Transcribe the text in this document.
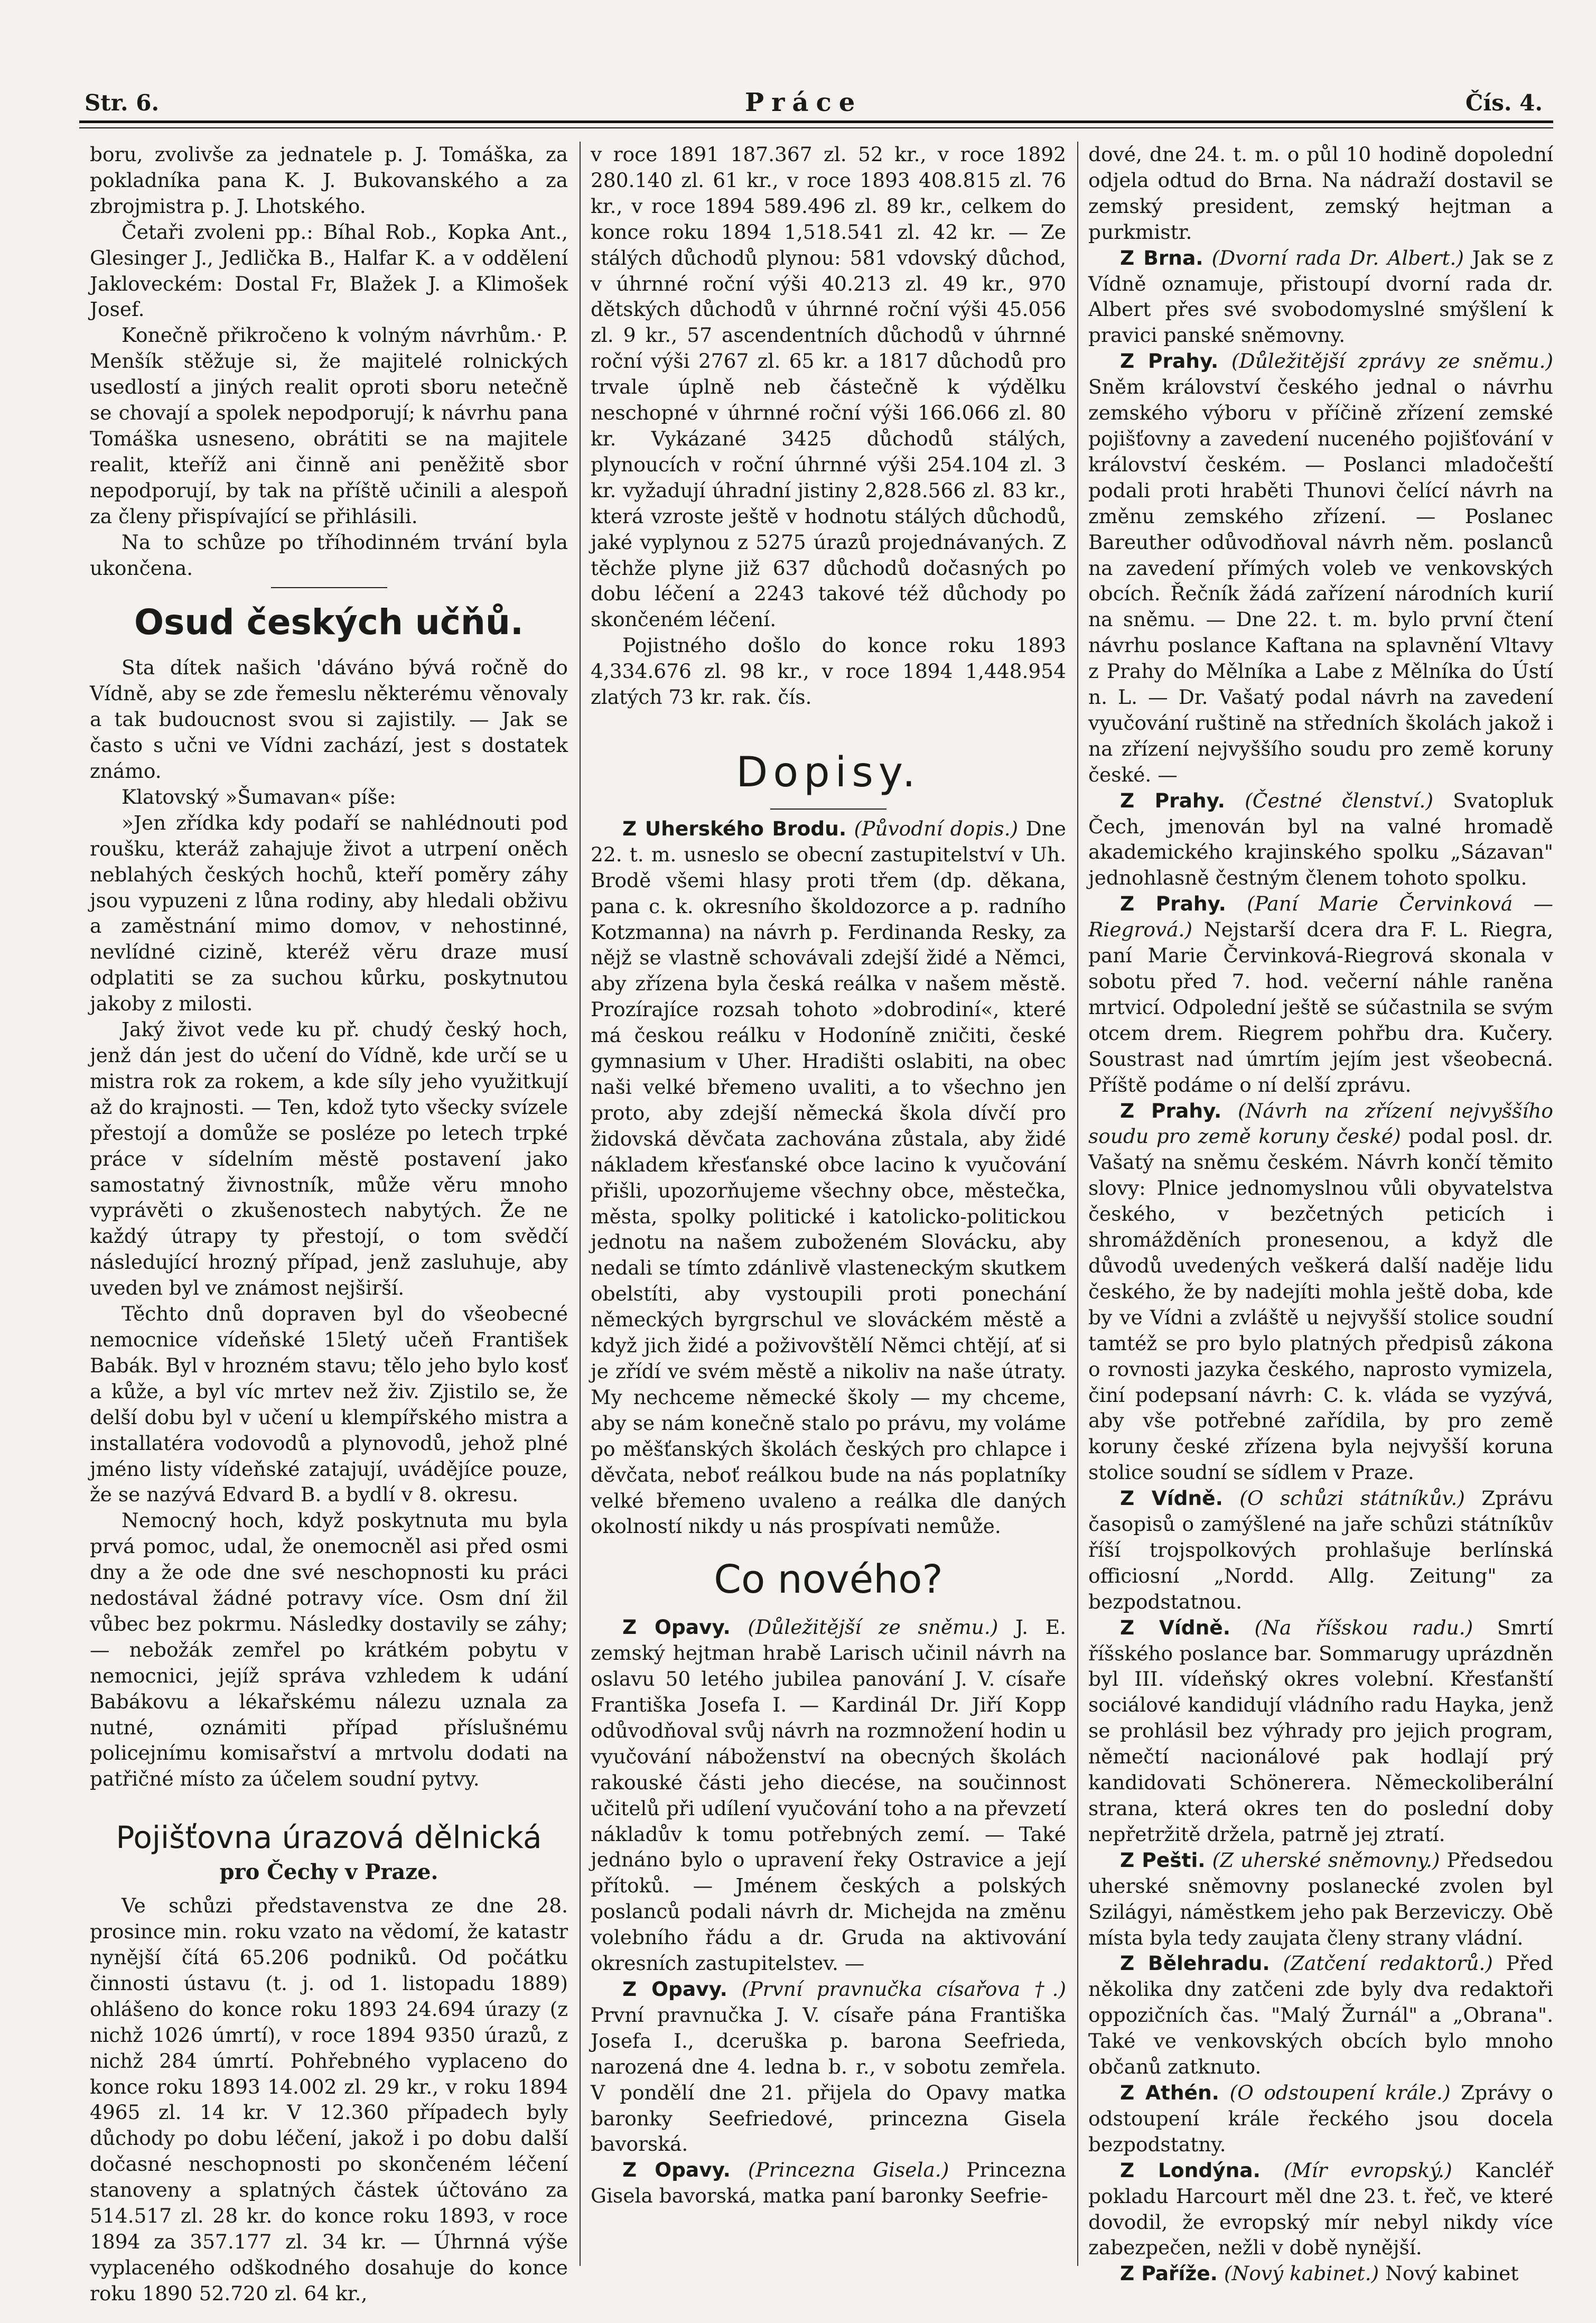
Str. 6.	Práce	Čís. 4.

boru, zvolivše za jednatele p. J. Tomáška, za pokladníka pana K. J. Bukovanského a za zbrojmistra p. J. Lhotského.

Četaři zvoleni pp.: Bíhal Rob., Kopka Ant., Glesinger J., Jedlička B., Halfar K. a v oddělení Jakloveckém: Dostal Fr, Blažek J. a Klimošek Josef.

Konečně přikročeno k volným návrhům.· P. Menšík stěžuje si, že majitelé rolnických usedlostí a jiných realit oproti sboru netečně se chovají a spolek nepodporují; k návrhu pana Tomáška usneseno, obrátiti se na majitele realit, kteříž ani činně ani peněžitě sbor nepodporují, by tak na příště učinili a alespoň za členy přispívající se přihlásili.

Na to schůze po tříhodinném trvání byla ukončena.

Osud českých učňů.

Sta dítek našich 'dáváno bývá ročně do Vídně, aby se zde řemeslu některému věnovaly a tak budoucnost svou si zajistily. — Jak se často s učni ve Vídni zachází, jest s dostatek známo.

Klatovský »Šumavan« píše:

»Jen zřídka kdy podaří se nahlédnouti pod roušku, kteráž zahajuje život a utrpení oněch neblahých českých hochů, kteří poměry záhy jsou vypuzeni z lůna rodiny, aby hledali obživu a zaměstnání mimo domov, v nehostinné, nevlídné cizině, kteréž věru draze musí odplatiti se za suchou kůrku, poskytnutou jakoby z milosti.

Jaký život vede ku př. chudý český hoch, jenž dán jest do učení do Vídně, kde určí se u mistra rok za rokem, a kde síly jeho využitkují až do krajnosti. — Ten, kdož tyto všecky svízele přestojí a domůže se posléze po letech trpké práce v sídelním městě postavení jako samostatný živnostník, může věru mnoho vyprávěti o zkušenostech nabytých. Že ne každý útrapy ty přestojí, o tom svědčí následující hrozný případ, jenž zasluhuje, aby uveden byl ve známost nejširší.

Těchto dnů dopraven byl do všeobecné nemocnice vídeňské 15letý učeň František Babák. Byl v hrozném stavu; tělo jeho bylo kosť a kůže, a byl víc mrtev než živ. Zjistilo se, že delší dobu byl v učení u klempířského mistra a installatéra vodovodů a plynovodů, jehož plné jméno listy vídeňské zatajují, uvádějíce pouze, že se nazývá Edvard B. a bydlí v 8. okresu.

Nemocný hoch, když poskytnuta mu byla prvá pomoc, udal, že onemocněl asi před osmi dny a že ode dne své neschopnosti ku práci nedostával žádné potravy více. Osm dní žil vůbec bez pokrmu. Následky dostavily se záhy; — nebožák zemřel po krátkém pobytu v nemocnici, jejíž správa vzhledem k udání Babákovu a lékařskému nálezu uznala za nutné, oznámiti případ příslušnému policejnímu komisařství a mrtvolu dodati na patřičné místo za účelem soudní pytvy.

Pojišťovna úrazová dělnická
pro Čechy v Praze.

Ve schůzi představenstva ze dne 28. prosince min. roku vzato na vědomí, že katastr nynější čítá 65.206 podniků. Od počátku činnosti ústavu (t. j. od 1. listopadu 1889) ohlášeno do konce roku 1893 24.694 úrazy (z nichž 1026 úmrtí), v roce 1894 9350 úrazů, z nichž 284 úmrtí. Pohřebného vyplaceno do konce roku 1893 14.002 zl. 29 kr., v roku 1894 4965 zl. 14 kr. V 12.360 případech byly důchody po dobu léčení, jakož i po dobu další dočasné neschopnosti po skončeném léčení stanoveny a splatných částek účtováno za 514.517 zl. 28 kr. do konce roku 1893, v roce 1894 za 357.177 zl. 34 kr. — Úhrnná výše vyplaceného odškodného dosahuje do konce roku 1890 52.720 zl. 64 kr.,

v roce 1891 187.367 zl. 52 kr., v roce 1892 280.140 zl. 61 kr., v roce 1893 408.815 zl. 76 kr., v roce 1894 589.496 zl. 89 kr., celkem do konce roku 1894 1,518.541 zl. 42 kr. — Ze stálých důchodů plynou: 581 vdovský důchod, v úhrnné roční výši 40.213 zl. 49 kr., 970 dětských důchodů v úhrnné roční výši 45.056 zl. 9 kr., 57 ascendentních důchodů v úhrnné roční výši 2767 zl. 65 kr. a 1817 důchodů pro trvale úplně neb částečně k výdělku neschopné v úhrnné roční výši 166.066 zl. 80 kr. Vykázané 3425 důchodů stálých, plynoucích v roční úhrnné výši 254.104 zl. 3 kr. vyžadují úhradní jistiny 2,828.566 zl. 83 kr., která vzroste ještě v hodnotu stálých důchodů, jaké vyplynou z 5275 úrazů projednávaných. Z těchže plyne již 637 důchodů dočasných po dobu léčení a 2243 takové též důchody po skončeném léčení.

Pojistného došlo do konce roku 1893 4,334.676 zl. 98 kr., v roce 1894 1,448.954 zlatých 73 kr. rak. čís.

Dopisy.

Z Uherského Brodu. (Původní dopis.) Dne 22. t. m. usneslo se obecní zastupitelství v Uh. Brodě všemi hlasy proti třem (dp. děkana, pana c. k. okresního školdozorce a p. radního Kotzmanna) na návrh p. Ferdinanda Resky, za nějž se vlastně schovávali zdejší židé a Němci, aby zřízena byla česká reálka v našem městě. Prozírajíce rozsah tohoto »dobrodiní«, které má českou reálku v Hodoníně zničiti, české gymnasium v Uher. Hradišti oslabiti, na obec naši velké břemeno uvaliti, a to všechno jen proto, aby zdejší německá škola dívčí pro židovská děvčata zachována zůstala, aby židé nákladem křesťanské obce lacino k vyučování přišli, upozorňujeme všechny obce, městečka, města, spolky politické i katolicko-politickou jednotu na našem zuboženém Slovácku, aby nedali se tímto zdánlivě vlasteneckým skutkem obelstíti, aby vystoupili proti ponechání německých byrgrschul ve slováckém městě a když jich židé a poživovštělí Němci chtějí, ať si je zřídí ve svém městě a nikoliv na naše útraty. My nechceme německé školy — my chceme, aby se nám konečně stalo po právu, my voláme po měšťanských školách českých pro chlapce i děvčata, neboť reálkou bude na nás poplatníky velké břemeno uvaleno a reálka dle daných okolností nikdy u nás prospívati nemůže.

Co nového?

Z Opavy. (Důležitější ze sněmu.) J. E. zemský hejtman hrabě Larisch učinil návrh na oslavu 50 letého jubilea panování J. V. císaře Františka Josefa I. — Kardinál Dr. Jiří Kopp odůvodňoval svůj návrh na rozmnožení hodin u vyučování náboženství na obecných školách rakouské části jeho diecése, na součinnost učitelů při udílení vyučování toho a na převzetí nákladův k tomu potřebných zemí. — Také jednáno bylo o upravení řeky Ostravice a její přítoků. — Jménem českých a polských poslanců podali návrh dr. Michejda na změnu volebního řádu a dr. Gruda na aktivování okresních zastupitelstev. —

Z Opavy. (První pravnučka císařova †.) První pravnučka J. V. císaře pána Františka Josefa I., dceruška p. barona Seefrieda, narozená dne 4. ledna b. r., v sobotu zemřela. V pondělí dne 21. přijela do Opavy matka baronky Seefriedové, princezna Gisela bavorská.

Z Opavy. (Princezna Gisela.) Princezna Gisela bavorská, matka paní baronky Seefrie-

dové, dne 24. t. m. o půl 10 hodině dopolední odjela odtud do Brna. Na nádraží dostavil se zemský president, zemský hejtman a purkmistr.

Z Brna. (Dvorní rada Dr. Albert.) Jak se z Vídně oznamuje, přistoupí dvorní rada dr. Albert přes své svobodomyslné smýšlení k pravici panské sněmovny.

Z Prahy. (Důležitější zprávy ze sněmu.) Sněm království českého jednal o návrhu zemského výboru v příčině zřízení zemské pojišťovny a zavedení nuceného pojišťování v království českém. — Poslanci mladočeští podali proti hraběti Thunovi čelící návrh na změnu zemského zřízení. — Poslanec Bareuther odůvodňoval návrh něm. poslanců na zavedení přímých voleb ve venkovských obcích. Řečník žádá zařízení národních kurií na sněmu. — Dne 22. t. m. bylo první čtení návrhu poslance Kaftana na splavnění Vltavy z Prahy do Mělníka a Labe z Mělníka do Ústí n. L. — Dr. Vašatý podal návrh na zavedení vyučování ruštině na středních školách jakož i na zřízení nejvyššího soudu pro země koruny české. —

Z Prahy. (Čestné členství.) Svatopluk Čech, jmenován byl na valné hromadě akademického krajinského spolku „Sázavan" jednohlasně čestným členem tohoto spolku.

Z Prahy. (Paní Marie Červinková — Riegrová.) Nejstarší dcera dra F. L. Riegra, paní Marie Červinková-Riegrová skonala v sobotu před 7. hod. večerní náhle raněna mrtvicí. Odpolední ještě se súčastnila se svým otcem drem. Riegrem pohřbu dra. Kučery. Soustrast nad úmrtím jejím jest všeobecná. Příště podáme o ní delší zprávu.

Z Prahy. (Návrh na zřízení nejvyššího soudu pro země koruny české) podal posl. dr. Vašatý na sněmu českém. Návrh končí těmito slovy: Plnice jednomyslnou vůli obyvatelstva českého, v bezčetných peticích i shromážděních pronesenou, a když dle důvodů uvedených veškerá další naděje lidu českého, že by nadejíti mohla ještě doba, kde by ve Vídni a zvláště u nejvyšší stolice soudní tamtéž se pro bylo platných předpisů zákona o rovnosti jazyka českého, naprosto vymizela, činí podepsaní návrh: C. k. vláda se vyzývá, aby vše potřebné zařídila, by pro země koruny české zřízena byla nejvyšší koruna stolice soudní se sídlem v Praze.

Z Vídně. (O schůzi státníkův.) Zprávu časopisů o zamýšlené na jaře schůzi státníkův říší trojspolkových prohlašuje berlínská officiosní „Nordd. Allg. Zeitung" za bezpodstatnou.

Z Vídně. (Na říšskou radu.) Smrtí říšského poslance bar. Sommarugy uprázdněn byl III. vídeňský okres volební. Křesťanští sociálové kandidují vládního radu Hayka, jenž se prohlásil bez výhrady pro jejich program, němečtí nacionálové pak hodlají prý kandidovati Schönerera. Německoliberální strana, která okres ten do poslední doby nepřetržitě držela, patrně jej ztratí.

Z Pešti. (Z uherské sněmovny.) Předsedou uherské sněmovny poslanecké zvolen byl Szilágyi, náměstkem jeho pak Berzeviczy. Obě místa byla tedy zaujata členy strany vládní.

Z Bělehradu. (Zatčení redaktorů.) Před několika dny zatčeni zde byly dva redaktoři oppozičních čas. "Malý Žurnál" a „Obrana". Také ve venkovských obcích bylo mnoho občanů zatknuto.

Z Athén. (O odstoupení krále.) Zprávy o odstoupení krále řeckého jsou docela bezpodstatny.

Z Londýna. (Mír evropský.) Kancléř pokladu Harcourt měl dne 23. t. řeč, ve které dovodil, že evropský mír nebyl nikdy více zabezpečen, nežli v době nynější.

Z Paříže. (Nový kabinet.) Nový kabinet
